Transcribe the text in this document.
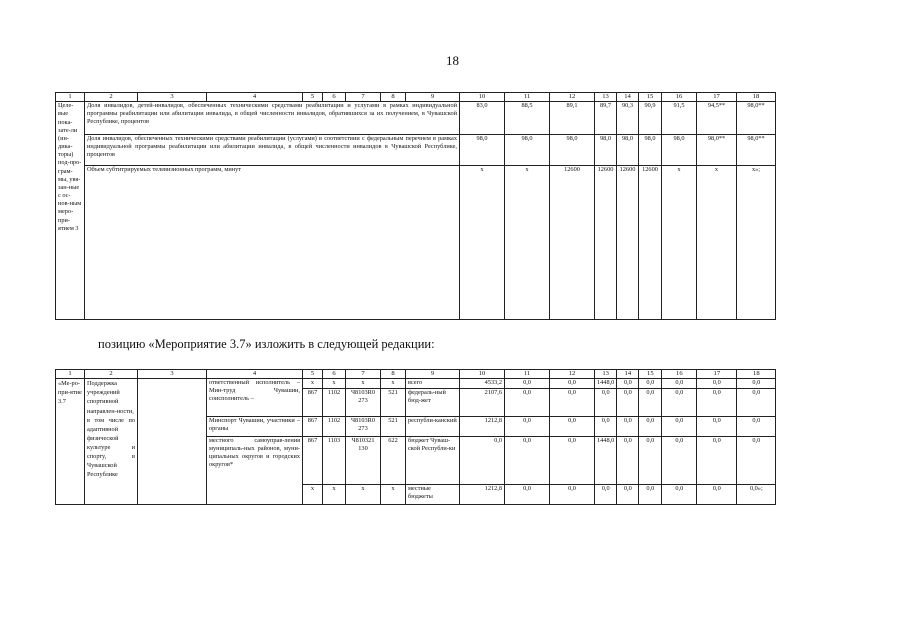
18
1	2	3	4	5	6	7	8	9	10	11	12	13	14	15	16	17	18
Целе-вые пока-зате-ли (ин-дика-торы) под-про-грам-мы, увя-зан-ные с ос-нов-ным меро-при-ятием 3	Доля инвалидов, детей-инвалидов, обеспеченных техническими средствами реабилитации и услугами в рамках индивидуальной программы реабилитации или абилитации инвалида, в общей численности инвалидов, обратившихся за их получением, в Чувашской Республике, процентов								83,0	88,5	89,1	89,7	90,3	90,9	91,5	94,5**	98,0**
	Доля инвалидов, обеспеченных техническими средствами реабилитации (услугами) в соответствии с федеральным перечнем в рамках индивидуальной программы реабилитации или абилитации инвалида, в общей численности инвалидов в Чувашской Республике, процентов								98,0	98,0	98,0	98,0	98,0	98,0	98,0	98,0**	98,0**
	Объем субтитрируемых телевизионных программ, минут								x	x	12600	12600	12600	12600	x	x	x»;
позицию «Мероприятие 3.7» изложить в следующей редакции:
1	2	3	4	5	6	7	8	9	10	11	12	13	14	15	16	17	18
«Ме-ро-при-ятие 3.7	Поддержка учреждений спортивной направлен-ности, в том числе по адаптивной физической культуре и спорту, в Чувашской Республике		ответственный исполнитель – Мин-труд Чувашии, соисполнитель –	x	x	x	x	всего	4533,2	0,0	0,0	1448,0	0,0	0,0	0,0	0,0	0,0
				867	1102	Ч8103R0 273	521	федераль-ный бюд-жет	2107,6	0,0	0,0	0,0	0,0	0,0	0,0	0,0	0,0
			Минспорт Чувашии, участники – органы	867	1102	Ч8103R0 273	521	республи-канский	1212,8	0,0	0,0	0,0	0,0	0,0	0,0	0,0	0,0
			местного самоуправ-ления муниципаль-ных районов, муни-ципальных округов и городских округов*	867	1103	Ч810321 130	622	бюджет Чуваш-ской Республи-ки	0,0	0,0	0,0	1448,0	0,0	0,0	0,0	0,0	0,0
				x	x	x	x	местные бюджеты	1212,8	0,0	0,0	0,0	0,0	0,0	0,0	0,0	0,0»;
